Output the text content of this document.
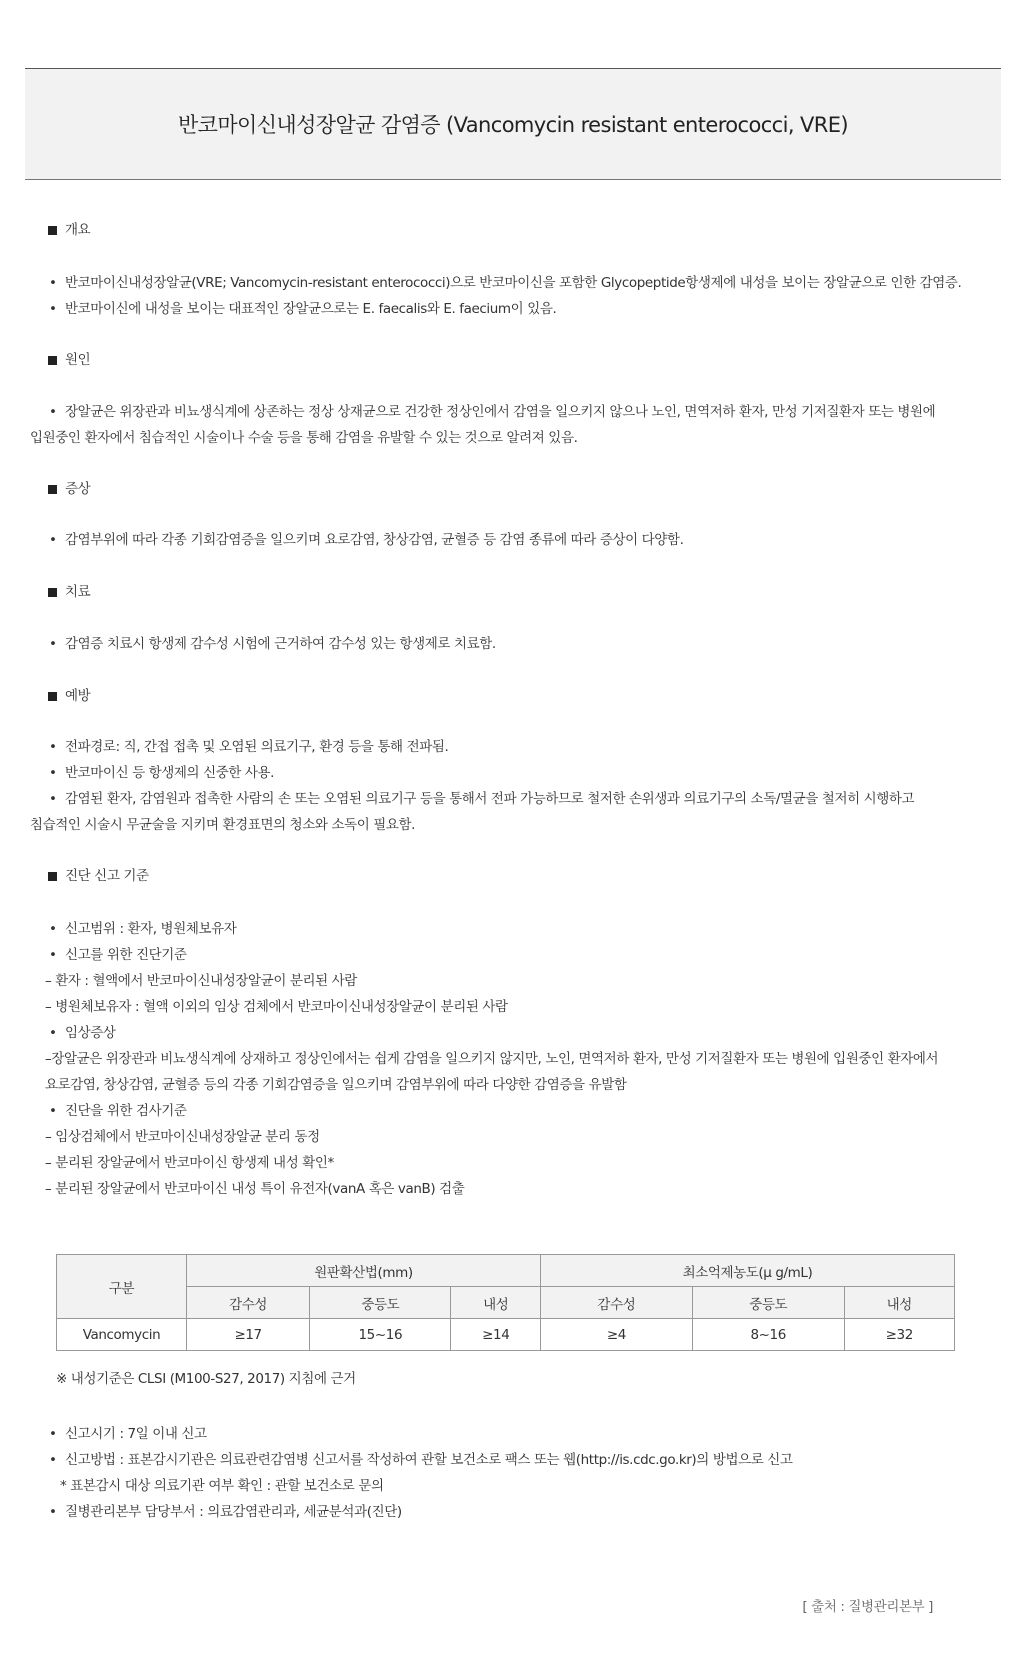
반코마이신내성장알균 감염증 (Vancomycin resistant enterococci, VRE)
개요
• 반코마이신내성장알균(VRE; Vancomycin-resistant enterococci)으로 반코마이신을 포함한 Glycopeptide항생제에 내성을 보이는 장알균으로 인한 감염증.
• 반코마이신에 내성을 보이는 대표적인 장알균으로는 E. faecalis와 E. faecium이 있음.
원인
• 장알균은 위장관과 비뇨생식계에 상존하는 정상 상재균으로 건강한 정상인에서 감염을 일으키지 않으나 노인, 면역저하 환자, 만성 기저질환자 또는 병원에
입원중인 환자에서 침습적인 시술이나 수술 등을 통해 감염을 유발할 수 있는 것으로 알려져 있음.
증상
• 감염부위에 따라 각종 기회감염증을 일으키며 요로감염, 창상감염, 균혈증 등 감염 종류에 따라 증상이 다양함.
치료
• 감염증 치료시 항생제 감수성 시험에 근거하여 감수성 있는 항생제로 치료함.
예방
• 전파경로: 직, 간접 접촉 및 오염된 의료기구, 환경 등을 통해 전파됨.
• 반코마이신 등 항생제의 신중한 사용.
• 감염된 환자, 감염원과 접촉한 사람의 손 또는 오염된 의료기구 등을 통해서 전파 가능하므로 철저한 손위생과 의료기구의 소독/멸균을 철저히 시행하고
침습적인 시술시 무균술을 지키며 환경표면의 청소와 소독이 필요함.
진단 신고 기준
• 신고범위 : 환자, 병원체보유자
• 신고를 위한 진단기준
– 환자 : 혈액에서 반코마이신내성장알균이 분리된 사람
– 병원체보유자 : 혈액 이외의 임상 검체에서 반코마이신내성장알균이 분리된 사람
• 임상증상
–장알균은 위장관과 비뇨생식계에 상재하고 정상인에서는 쉽게 감염을 일으키지 않지만, 노인, 면역저하 환자, 만성 기저질환자 또는 병원에 입원중인 환자에서
요로감염, 창상감염, 균혈증 등의 각종 기회감염증을 일으키며 감염부위에 따라 다양한 감염증을 유발함
• 진단을 위한 검사기준
– 임상검체에서 반코마이신내성장알균 분리 동정
– 분리된 장알균에서 반코마이신 항생제 내성 확인*
– 분리된 장알균에서 반코마이신 내성 특이 유전자(vanA 혹은 vanB) 검출
구분	원판확산법(mm)			최소억제농도(μ g/mL)		
	감수성	중등도	내성	감수성	중등도	내성
Vancomycin	≥17	15~16	≥14	≥4	8~16	≥32
※ 내성기준은 CLSI (M100-S27, 2017) 지침에 근거
• 신고시기 : 7일 이내 신고
• 신고방법 : 표본감시기관은 의료관련감염병 신고서를 작성하여 관할 보건소로 팩스 또는 웹(http://is.cdc.go.kr)의 방법으로 신고
* 표본감시 대상 의료기관 여부 확인 : 관할 보건소로 문의
• 질병관리본부 담당부서 : 의료감염관리과, 세균분석과(진단)
[ 출처 : 질병관리본부 ]
